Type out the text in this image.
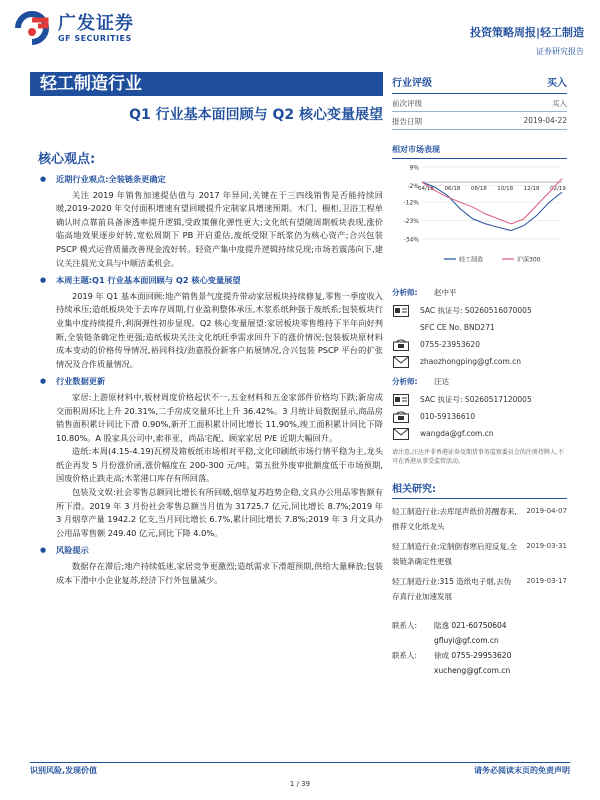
广发证券
GF SECURITIES	投资策略周报|轻工制造
证券研究报告
轻工制造行业
Q1 行业基本面回顾与 Q2 核心变量展望
核心观点:
● 近期行业观点:全装链条更确定

关注 2019 年销售加速提估值与 2017 年异同,关键在于三四线销售是否能持续回暖,2019-2020 年交付面积增速有望回暖提升定制家具增速预期。木门、橱柜,卫浴工程单确认时点靠前具备渗透率提升逻辑,受政策催化弹性更大;文化纸有望随周期板块表现,涨价临高地效果逐步好转,宽松周期下 PB 开启重估,废纸受限下纸浆仍为核心资产;合兴包装 PSCP 模式运营质量改善现金流好转。轻资产集中度提升逻辑持续兑现;市场若震荡向下,建议关注晨光文具与中顺洁柔机会。

● 本周主题:Q1 行业基本面回顾与 Q2 核心变量展望

2019 年 Q1 基本面回顾:地产销售景气度提升带动家居板块持续修复,零售一季度收入持续承压;造纸板块处于去库存周期,行业盈利整体承压,木浆系纸种强于废纸系;包装板块行业集中度持续提升,利润弹性初步显现。Q2 核心变量展望:家居板块零售维持下半年向好判断,全装链条确定性更强;造纸板块关注文化纸旺季需求回升下的涨价情况;包装板块原材料成本变动的价格传导情况,裕同科技/劲嘉股份新客户拓展情况,合兴包装 PSCP 平台的扩张情况及合作质量情况。

● 行业数据更新

家居:上游原材料中,板材周度价格起伏不一,五金材料和五金家部件价格均下跌;新房成交面积周环比上升 20.31%,二手房成交量环比上升 36.42%。3 月统计局数据显示,商品房销售面积累计同比下滑 0.90%,新开工面积累计同比增长 11.90%,竣工面积累计同比下降 10.80%。A 股家具公司中,索菲亚、尚品宅配、顾家家居 P/E 近期大幅回升。

造纸:本周(4.15-4.19)瓦楞及箱板纸市场相对平稳,文化印刷纸市场行情平稳为主,龙头纸企再发 5 月份涨价函,涨价幅度在 200-300 元/吨。第五批外废审批额度低于市场预期,国废价格止跌走高;木浆港口库存有所回落。

包装及文娱:社会零售总额同比增长有所回暖,烟草复苏趋势企稳,文具办公用品零售额有所下滑。2019 年 3 月份社会零售总额当月值为 31725.7 亿元,同比增长 8.7%;2019 年 3 月烟草产量 1942.2 亿支,当月同比增长 6.7%,累计同比增长 7.8%;2019 年 3 月文具办公用品零售额 249.40 亿元,同比下降 4.0%。

● 风险提示

数据存在滞后;地产持续低迷,家居竞争更激烈;造纸需求下滑超预期,供给大量释放;包装成本下滑中小企业复苏,经济下行外包量减少。

行业评级	买入
前次评级	买入
报告日期	2019-04-22
相对市场表现
9%
-2%
-12%
-23%
-34%
04/18 06/18 08/18 10/18 12/18 02/19
轻工制造	沪深300
分析师:	赵中平
SAC 执证号: S0260516070005
SFC CE No. BND271
0755-23953620
zhaozhongping@gf.com.cn
分析师:	汪达
SAC 执证号: S0260517120005
010-59136610
wangda@gf.com.cn
请注意,汪达并非香港证券及期货事务监察委员会的注册持牌人,不可在香港从事受监管活动。
相关研究:
轻工制造行业:去库尾声纸价苏醒春来,推荐文化纸龙头
2019-04-07
轻工制造行业:定制倒春寒后迎反复,全装链条确定性更强
2019-03-31
轻工制造行业:315 造纸电子烟,去伪存真行业加速发展
2019-03-17
联系人:	陆逸 021-60750604
gfluyi@gf.com.cn
联系人:	徐成 0755-29953620
xucheng@gf.com.cn
识别风险,发现价值	请务必阅读末页的免责声明
1 / 39
